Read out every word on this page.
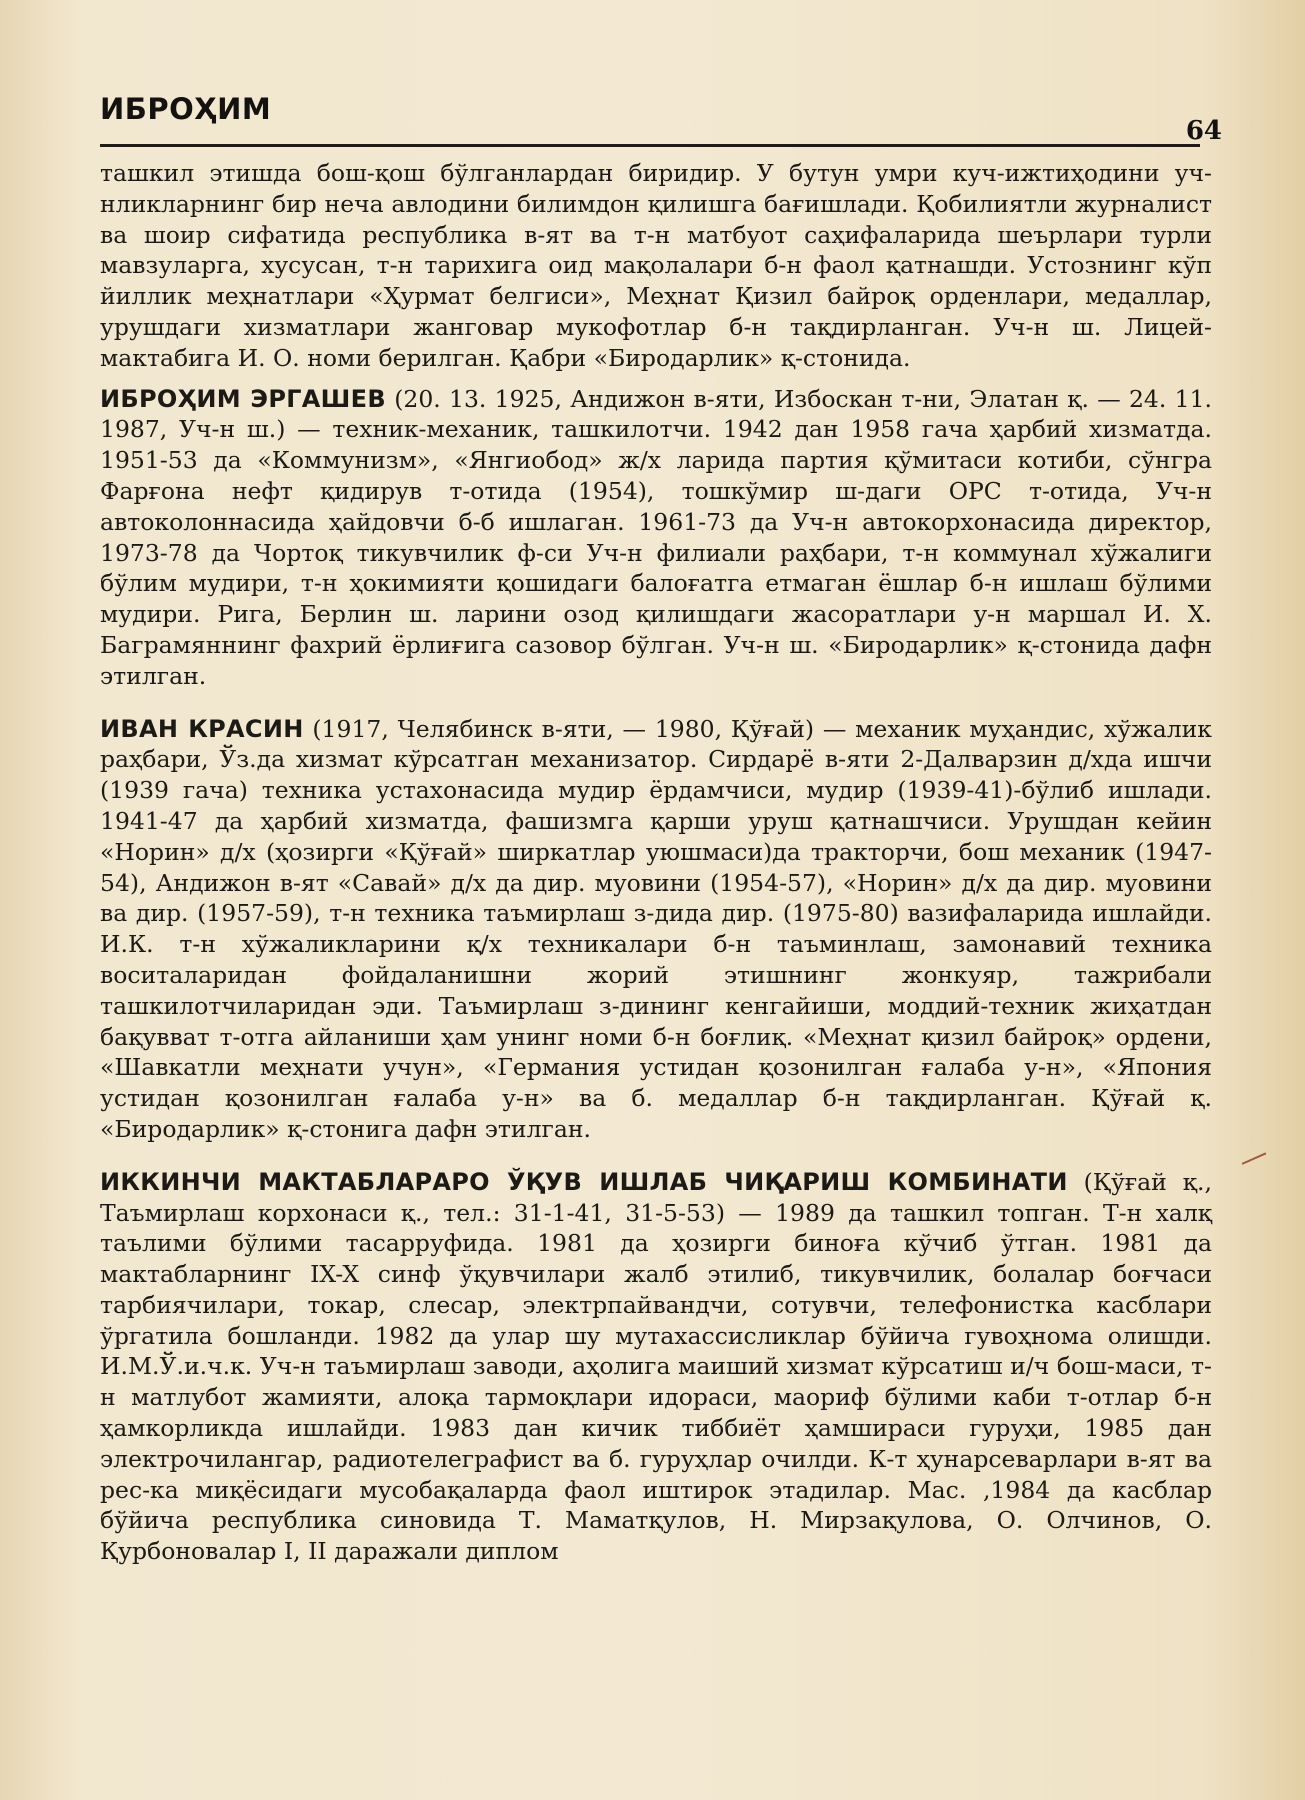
ИБРОҲИМ
64

ташкил этишда бош-қош бўлганлардан биридир. У бутун умри куч-ижтиҳодини уч-нликларнинг бир неча авлодини билимдон қилишга бағишлади. Қобилиятли журналист ва шоир сифатида республика в-ят ва т-н матбуот саҳифаларида шеърлари турли мавзуларга, хусусан, т-н тарихига оид мақолалари б-н фаол қатнашди. Устознинг кўп йиллик меҳнатлари «Ҳурмат белгиси», Меҳнат Қизил байроқ орденлари, медаллар, урушдаги хизматлари жанговар мукофотлар б-н тақдирланган. Уч-н ш. Лицей-мактабига И. О. номи берилган. Қабри «Биродарлик» қ-стонида.

ИБРОҲИМ ЭРГАШЕВ (20. 13. 1925, Андижон в-яти, Избоскан т-ни, Элатан қ. — 24. 11. 1987, Уч-н ш.) — техник-механик, ташкилотчи. 1942 дан 1958 гача ҳарбий хизматда. 1951-53 да «Коммунизм», «Янгиобод» ж/х ларида партия қўмитаси котиби, сўнгра Фарғона нефт қидирув т-отида (1954), тошкўмир ш-даги ОРС т-отида, Уч-н автоколоннасида ҳайдовчи б-б ишлаган. 1961-73 да Уч-н автокорхонасида директор, 1973-78 да Чортоқ тикувчилик ф-си Уч-н филиали раҳбари, т-н коммунал хўжалиги бўлим мудири, т-н ҳокимияти қошидаги балоғатга етмаган ёшлар б-н ишлаш бўлими мудири. Рига, Берлин ш. ларини озод қилишдаги жасоратлари у-н маршал И. Х. Баграмяннинг фахрий ёрлиғига сазовор бўлган. Уч-н ш. «Биродарлик» қ-стонида дафн этилган.

ИВАН КРАСИН (1917, Челябинск в-яти, — 1980, Қўғай) — механик муҳандис, хўжалик раҳбари, Ўз.да хизмат кўрсатган механизатор. Сирдарё в-яти 2-Далварзин д/хда ишчи (1939 гача) техника устахонасида мудир ёрдамчиси, мудир (1939-41)-бўлиб ишлади. 1941-47 да ҳарбий хизматда, фашизмга қарши уруш қатнашчиси. Урушдан кейин «Норин» д/х (ҳозирги «Қўғай» ширкатлар уюшмаси)да тракторчи, бош механик (1947-54), Андижон в-ят «Савай» д/х да дир. муовини (1954-57), «Норин» д/х да дир. муовини ва дир. (1957-59), т-н техника таъмирлаш з-дида дир. (1975-80) вазифаларида ишлайди. И.К. т-н хўжаликларини қ/х техникалари б-н таъминлаш, замонавий техника воситаларидан фойдаланишни жорий этишнинг жонкуяр, тажрибали ташкилотчиларидан эди. Таъмирлаш з-дининг кенгайиши, моддий-техник жиҳатдан бақувват т-отга айланиши ҳам унинг номи б-н боғлиқ. «Меҳнат қизил байроқ» ордени, «Шавкатли меҳнати учун», «Германия устидан қозонилган ғалаба у-н», «Япония устидан қозонилган ғалаба у-н» ва б. медаллар б-н тақдирланган. Қўғай қ. «Биродарлик» қ-стонига дафн этилган.

ИККИНЧИ МАКТАБЛАРАРО ЎҚУВ ИШЛАБ ЧИҚАРИШ КОМБИНАТИ (Қўғай қ., Таъмирлаш корхонаси қ., тел.: 31-1-41, 31-5-53) — 1989 да ташкил топган. Т-н халқ таълими бўлими тасарруфида. 1981 да ҳозирги биноға кўчиб ўтган. 1981 да мактабларнинг IX-X синф ўқувчилари жалб этилиб, тикувчилик, болалар боғчаси тарбиячилари, токар, слесар, электрпайвандчи, сотувчи, телефонистка касблари ўргатила бошланди. 1982 да улар шу мутахассисликлар бўйича гувоҳнома олишди. И.М.Ў.и.ч.к. Уч-н таъмирлаш заводи, аҳолига маиший хизмат кўрсатиш и/ч бош-маси, т-н матлубот жамияти, алоқа тармоқлари идораси, маориф бўлими каби т-отлар б-н ҳамкорликда ишлайди. 1983 дан кичик тиббиёт ҳамшираси гуруҳи, 1985 дан электрочилангар, радиотелеграфист ва б. гуруҳлар очилди. К-т ҳунарсеварлари в-ят ва рес-ка миқёсидаги мусобақаларда фаол иштирок этадилар. Мас. ,1984 да касблар бўйича республика синовида Т. Маматқулов, Н. Мирзақулова, О. Олчинов, О. Қурбоновалар I, II даражали диплом
